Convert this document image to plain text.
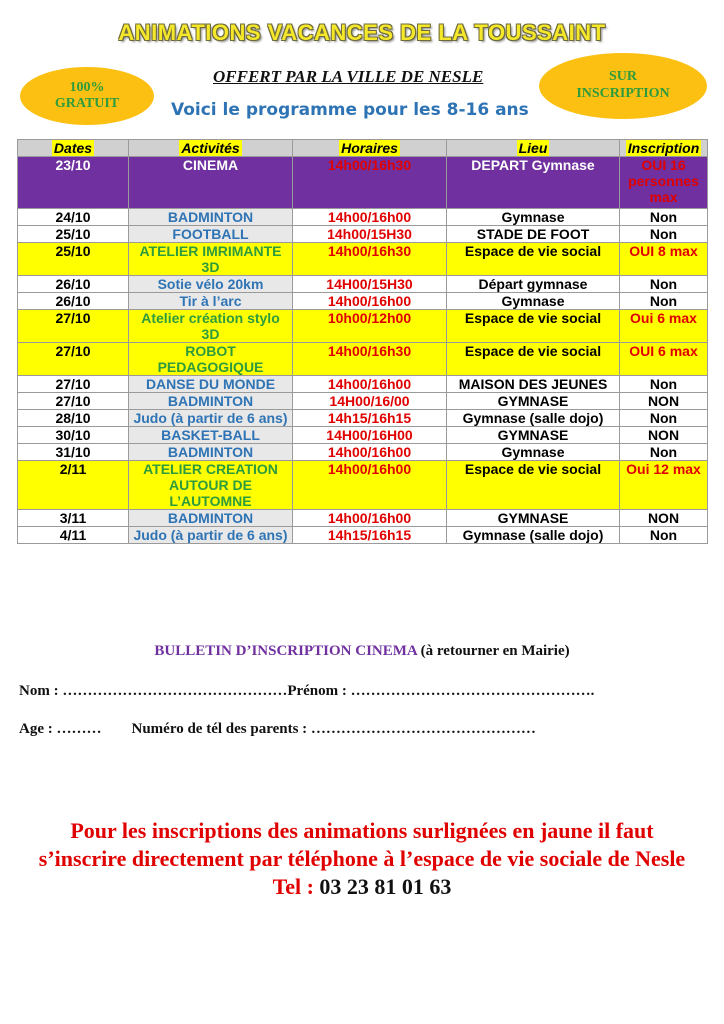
ANIMATIONS VACANCES DE LA TOUSSAINT
100%
GRATUIT
OFFERT PAR LA VILLE DE NESLE	SUR
INSCRIPTION
Voici le programme pour les 8-16 ans
Dates	Activités	Horaires	Lieu	Inscription
23/10	CINEMA	14h00/16h30	DEPART Gymnase	OUI 16 personnes max
24/10	BADMINTON	14h00/16h00	Gymnase	Non
25/10	FOOTBALL	14h00/15H30	STADE DE FOOT	Non
25/10	ATELIER IMRIMANTE 3D	14h00/16h30	Espace de vie social	OUI 8 max
26/10	Sotie vélo 20km	14H00/15H30	Départ gymnase	Non
26/10	Tir à l’arc	14h00/16h00	Gymnase	Non
27/10	Atelier création stylo 3D	10h00/12h00	Espace de vie social	Oui 6 max
27/10	ROBOT PEDAGOGIQUE	14h00/16h30	Espace de vie social	OUI 6 max
27/10	DANSE DU MONDE	14h00/16h00	MAISON DES JEUNES	Non
27/10	BADMINTON	14H00/16/00	GYMNASE	NON
28/10	Judo (à partir de 6 ans)	14h15/16h15	Gymnase (salle dojo)	Non
30/10	BASKET-BALL	14H00/16H00	GYMNASE	NON
31/10	BADMINTON	14h00/16h00	Gymnase	Non
2/11	ATELIER CREATION AUTOUR DE L’AUTOMNE	14h00/16h00	Espace de vie social	Oui 12 max
3/11	BADMINTON	14h00/16h00	GYMNASE	NON
4/11	Judo (à partir de 6 ans)	14h15/16h15	Gymnase (salle dojo)	Non
BULLETIN D’INSCRIPTION CINEMA (à retourner en Mairie)
Nom : ………………………………………Prénom : ………………………………………….
Age : ………        Numéro de tél des parents : ………………………………………
Pour les inscriptions des animations surlignées en jaune il faut s’inscrire directement par téléphone à l’espace de vie sociale de Nesle
Tel : 03 23 81 01 63
